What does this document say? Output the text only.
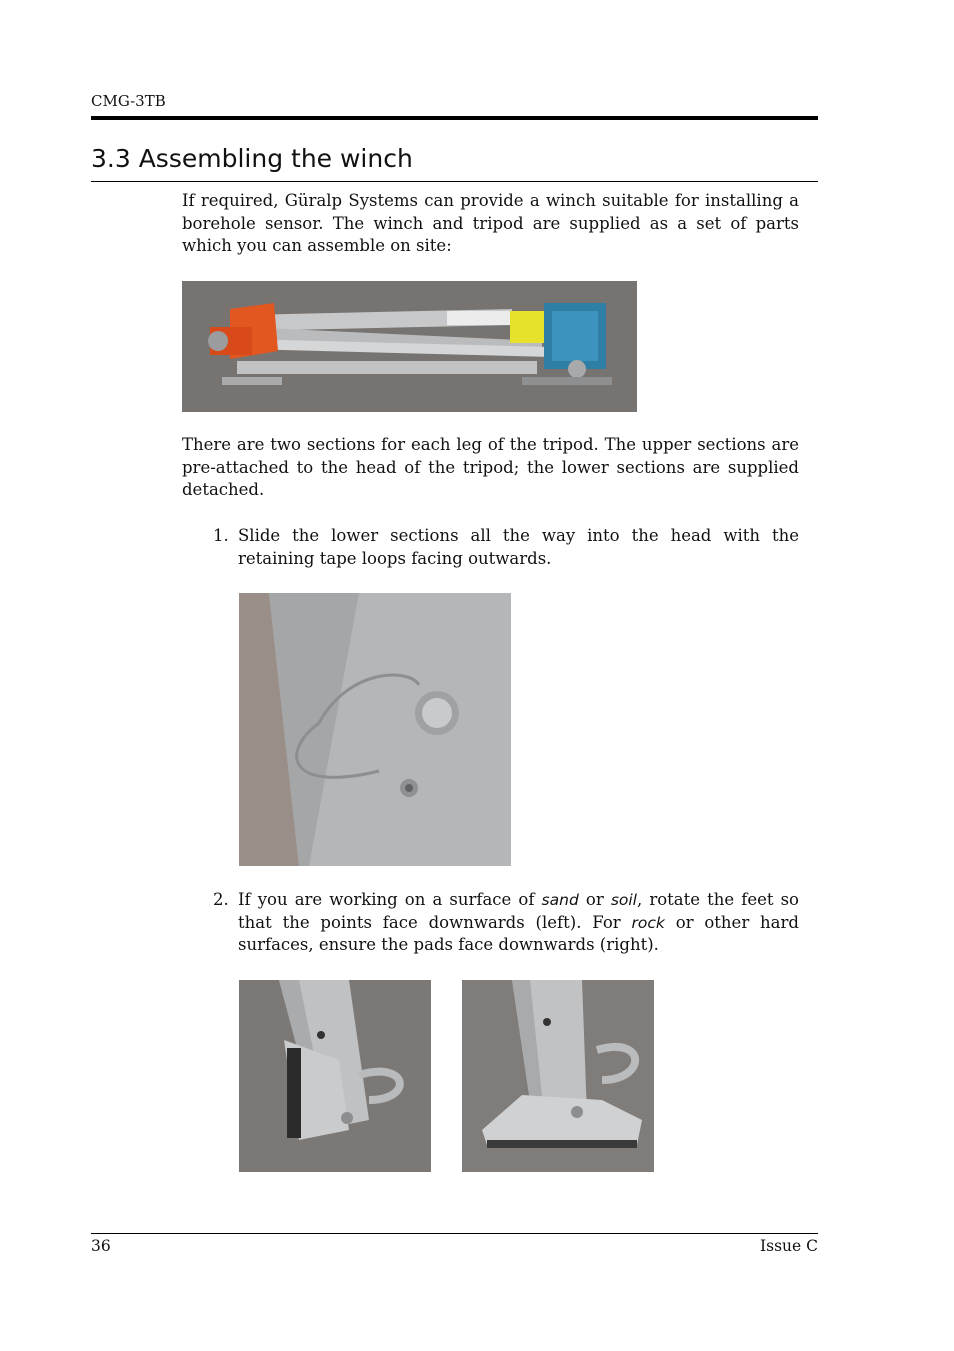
CMG-3TB
3.3 Assembling the winch

If required, Güralp Systems can provide a winch suitable for installing a borehole sensor. The winch and tripod are supplied as a set of parts which you can assemble on site:

There are two sections for each leg of the tripod. The upper sections are pre-attached to the head of the tripod; the lower sections are supplied detached.

1. Slide the lower sections all the way into the head with the retaining tape loops facing outwards.
2. If you are working on a surface of sand or soil, rotate the feet so that the points face downwards (left). For rock or other hard surfaces, ensure the pads face downwards (right).
36	Issue C
